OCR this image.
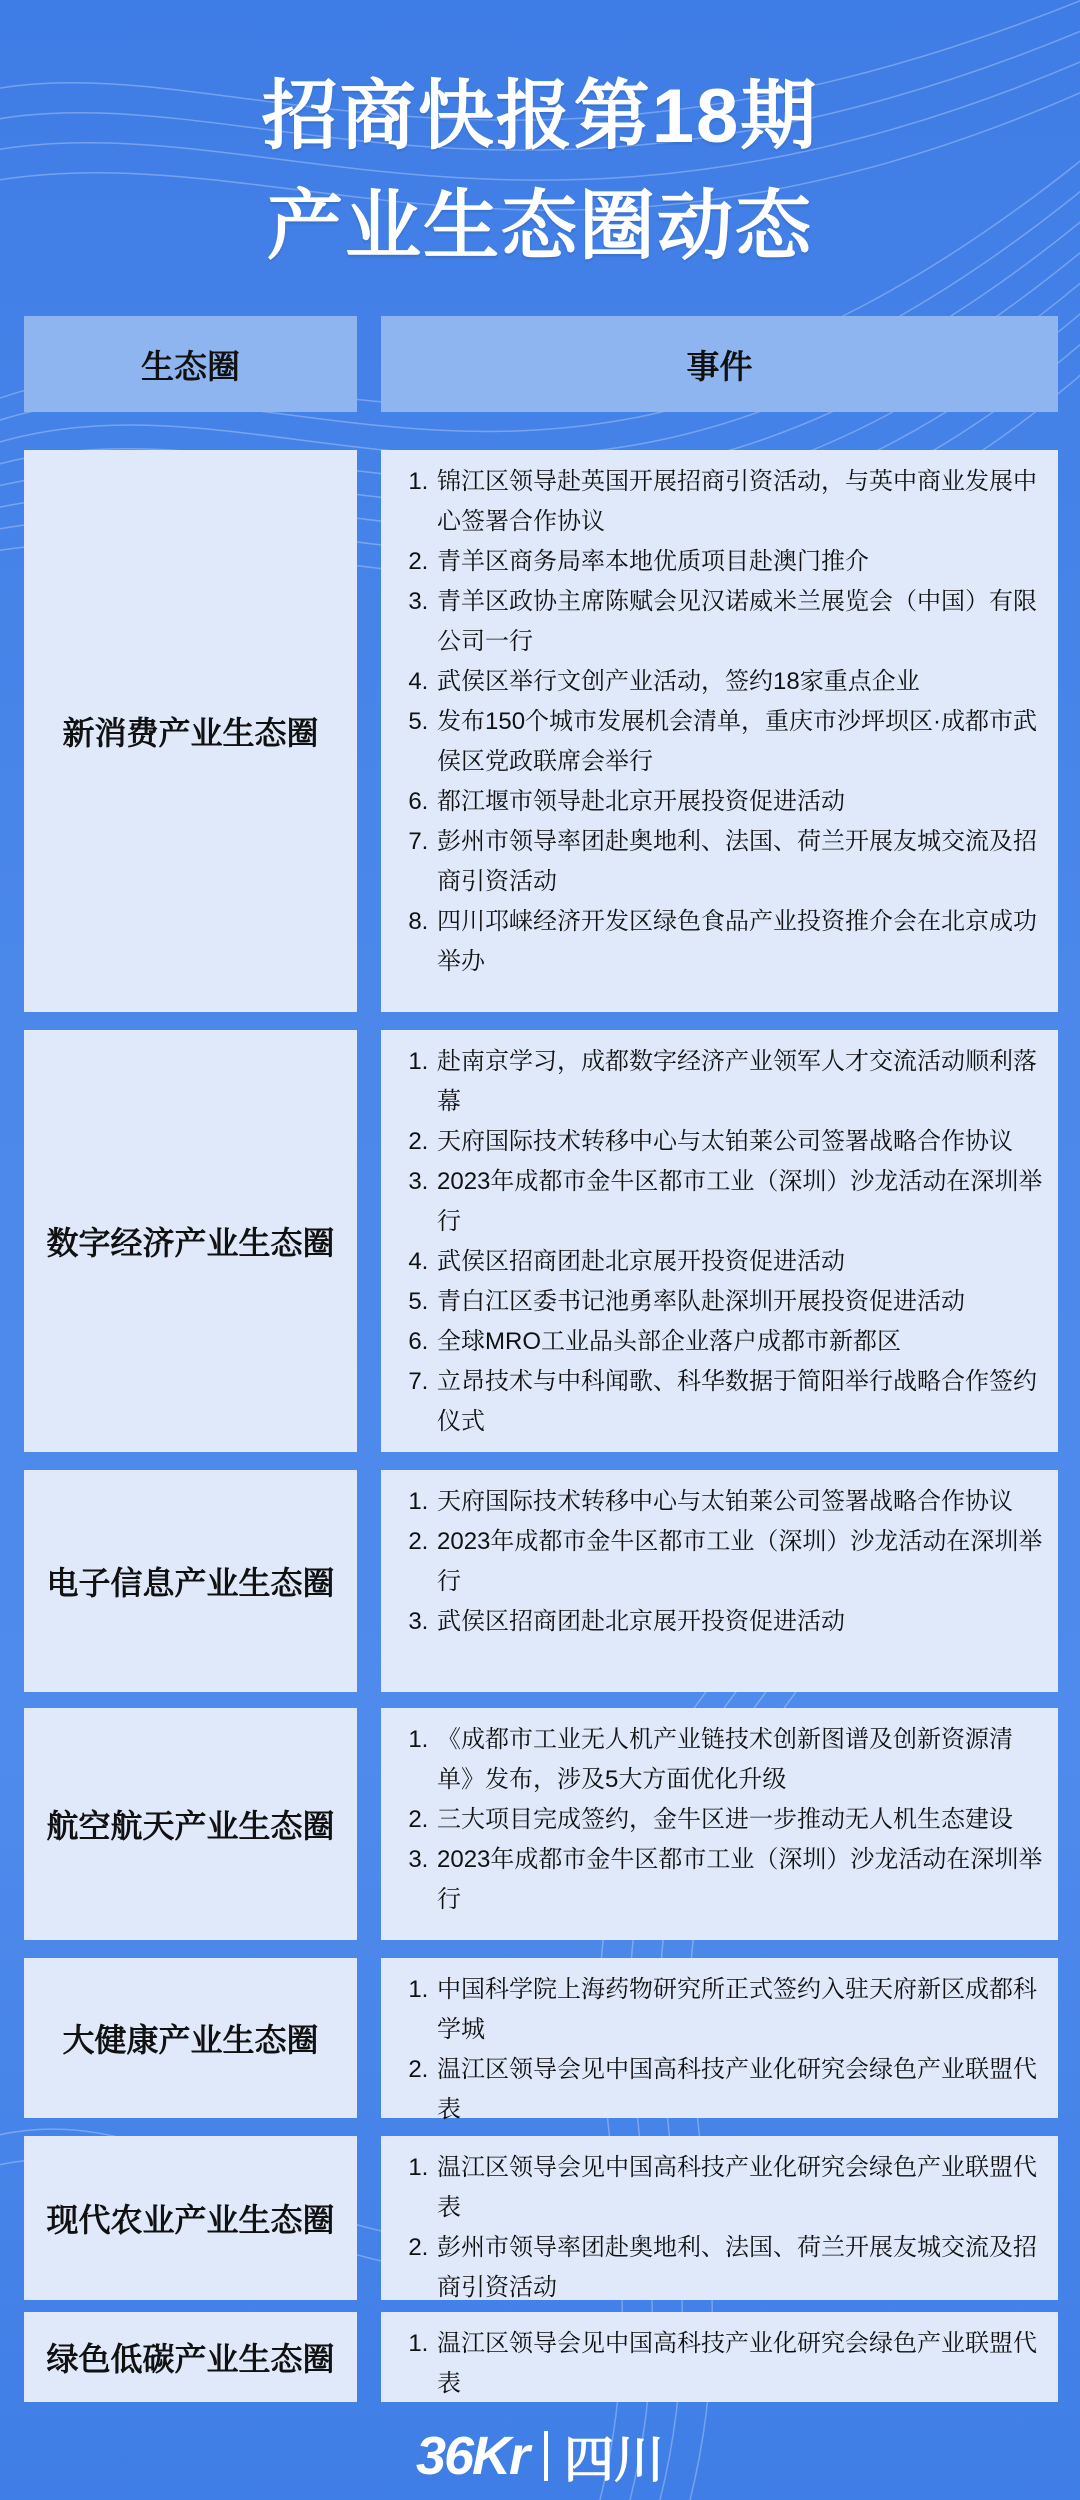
招商快报第18期
产业生态圈动态
生态圈	事件
新消费产业生态圈
1. 锦江区领导赴英国开展招商引资活动，与英中商业发展中心签署合作协议
2. 青羊区商务局率本地优质项目赴澳门推介
3. 青羊区政协主席陈赋会见汉诺威米兰展览会（中国）有限公司一行
4. 武侯区举行文创产业活动，签约18家重点企业
5. 发布150个城市发展机会清单，重庆市沙坪坝区·成都市武侯区党政联席会举行
6. 都江堰市领导赴北京开展投资促进活动
7. 彭州市领导率团赴奥地利、法国、荷兰开展友城交流及招商引资活动
8. 四川邛崃经济开发区绿色食品产业投资推介会在北京成功举办
数字经济产业生态圈
1. 赴南京学习，成都数字经济产业领军人才交流活动顺利落幕
2. 天府国际技术转移中心与太铂莱公司签署战略合作协议
3. 2023年成都市金牛区都市工业（深圳）沙龙活动在深圳举行
4. 武侯区招商团赴北京展开投资促进活动
5. 青白江区委书记池勇率队赴深圳开展投资促进活动
6. 全球MRO工业品头部企业落户成都市新都区
7. 立昂技术与中科闻歌、科华数据于简阳举行战略合作签约仪式
电子信息产业生态圈
1. 天府国际技术转移中心与太铂莱公司签署战略合作协议
2. 2023年成都市金牛区都市工业（深圳）沙龙活动在深圳举行
3. 武侯区招商团赴北京展开投资促进活动
航空航天产业生态圈
1. 《成都市工业无人机产业链技术创新图谱及创新资源清单》发布，涉及5大方面优化升级
2. 三大项目完成签约，金牛区进一步推动无人机生态建设
3. 2023年成都市金牛区都市工业（深圳）沙龙活动在深圳举行
大健康产业生态圈
1. 中国科学院上海药物研究所正式签约入驻天府新区成都科学城
2. 温江区领导会见中国高科技产业化研究会绿色产业联盟代表
现代农业产业生态圈
1. 温江区领导会见中国高科技产业化研究会绿色产业联盟代表
2. 彭州市领导率团赴奥地利、法国、荷兰开展友城交流及招商引资活动
绿色低碳产业生态圈
1.	温江区领导会见中国高科技产业化研究会绿色产业联盟代表
36Kr 四川
